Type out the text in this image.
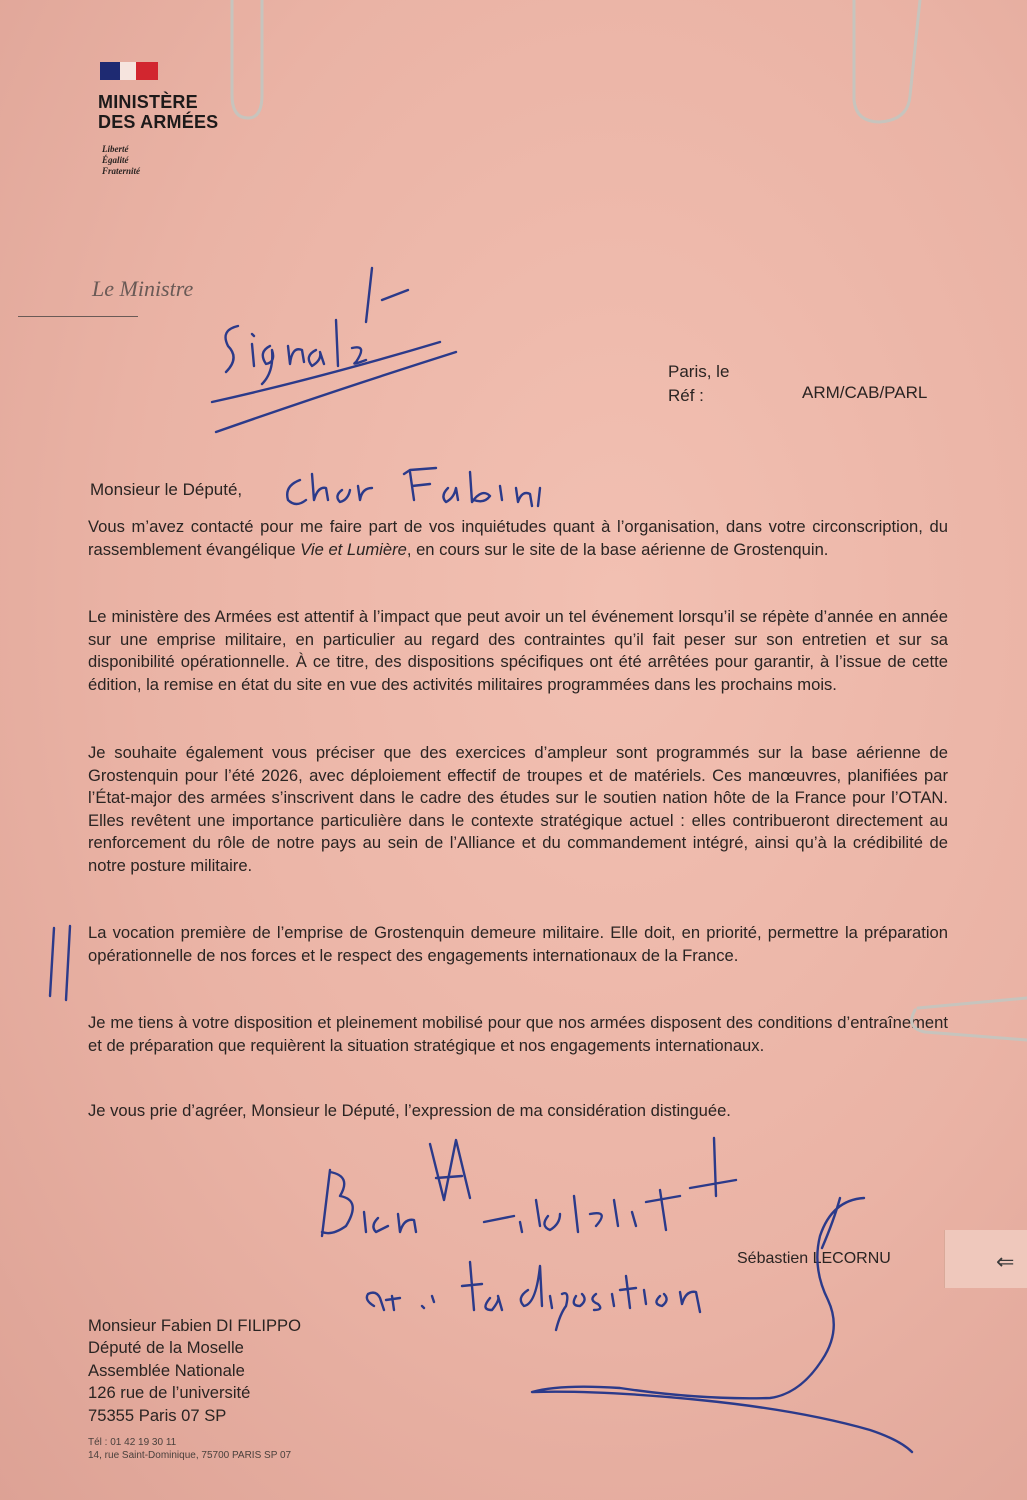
MINISTÈRE
DES ARMÉES
Liberté
Égalité
Fraternité
Le Ministre
Paris, le
Réf :	ARM/CAB/PARL
Monsieur le Député,
Vous m’avez contacté pour me faire part de vos inquiétudes quant à l’organisation, dans votre circonscription, du rassemblement évangélique Vie et Lumière, en cours sur le site de la base aérienne de Grostenquin.
Le ministère des Armées est attentif à l’impact que peut avoir un tel événement lorsqu’il se répète d’année en année sur une emprise militaire, en particulier au regard des contraintes qu’il fait peser sur son entretien et sur sa disponibilité opérationnelle. À ce titre, des dispositions spécifiques ont été arrêtées pour garantir, à l’issue de cette édition, la remise en état du site en vue des activités militaires programmées dans les prochains mois.
Je souhaite également vous préciser que des exercices d’ampleur sont programmés sur la base aérienne de Grostenquin pour l’été 2026, avec déploiement effectif de troupes et de matériels. Ces manœuvres, planifiées par l’État-major des armées s’inscrivent dans le cadre des études sur le soutien nation hôte de la France pour l’OTAN. Elles revêtent une importance particulière dans le contexte stratégique actuel : elles contribueront directement au renforcement du rôle de notre pays au sein de l’Alliance et du commandement intégré, ainsi qu’à la crédibilité de notre posture militaire.
La vocation première de l’emprise de Grostenquin demeure militaire. Elle doit, en priorité, permettre la préparation opérationnelle de nos forces et le respect des engagements internationaux de la France.
Je me tiens à votre disposition et pleinement mobilisé pour que nos armées disposent des conditions d’entraînement et de préparation que requièrent la situation stratégique et nos engagements internationaux.
Je vous prie d’agréer, Monsieur le Député, l’expression de ma considération distinguée.
Sébastien LECORNU
Monsieur Fabien DI FILIPPO
Député de la Moselle
Assemblée Nationale
126 rue de l’université
75355 Paris 07 SP
Tél : 01 42 19 30 11
14, rue Saint-Dominique, 75700 PARIS SP 07
⇐
